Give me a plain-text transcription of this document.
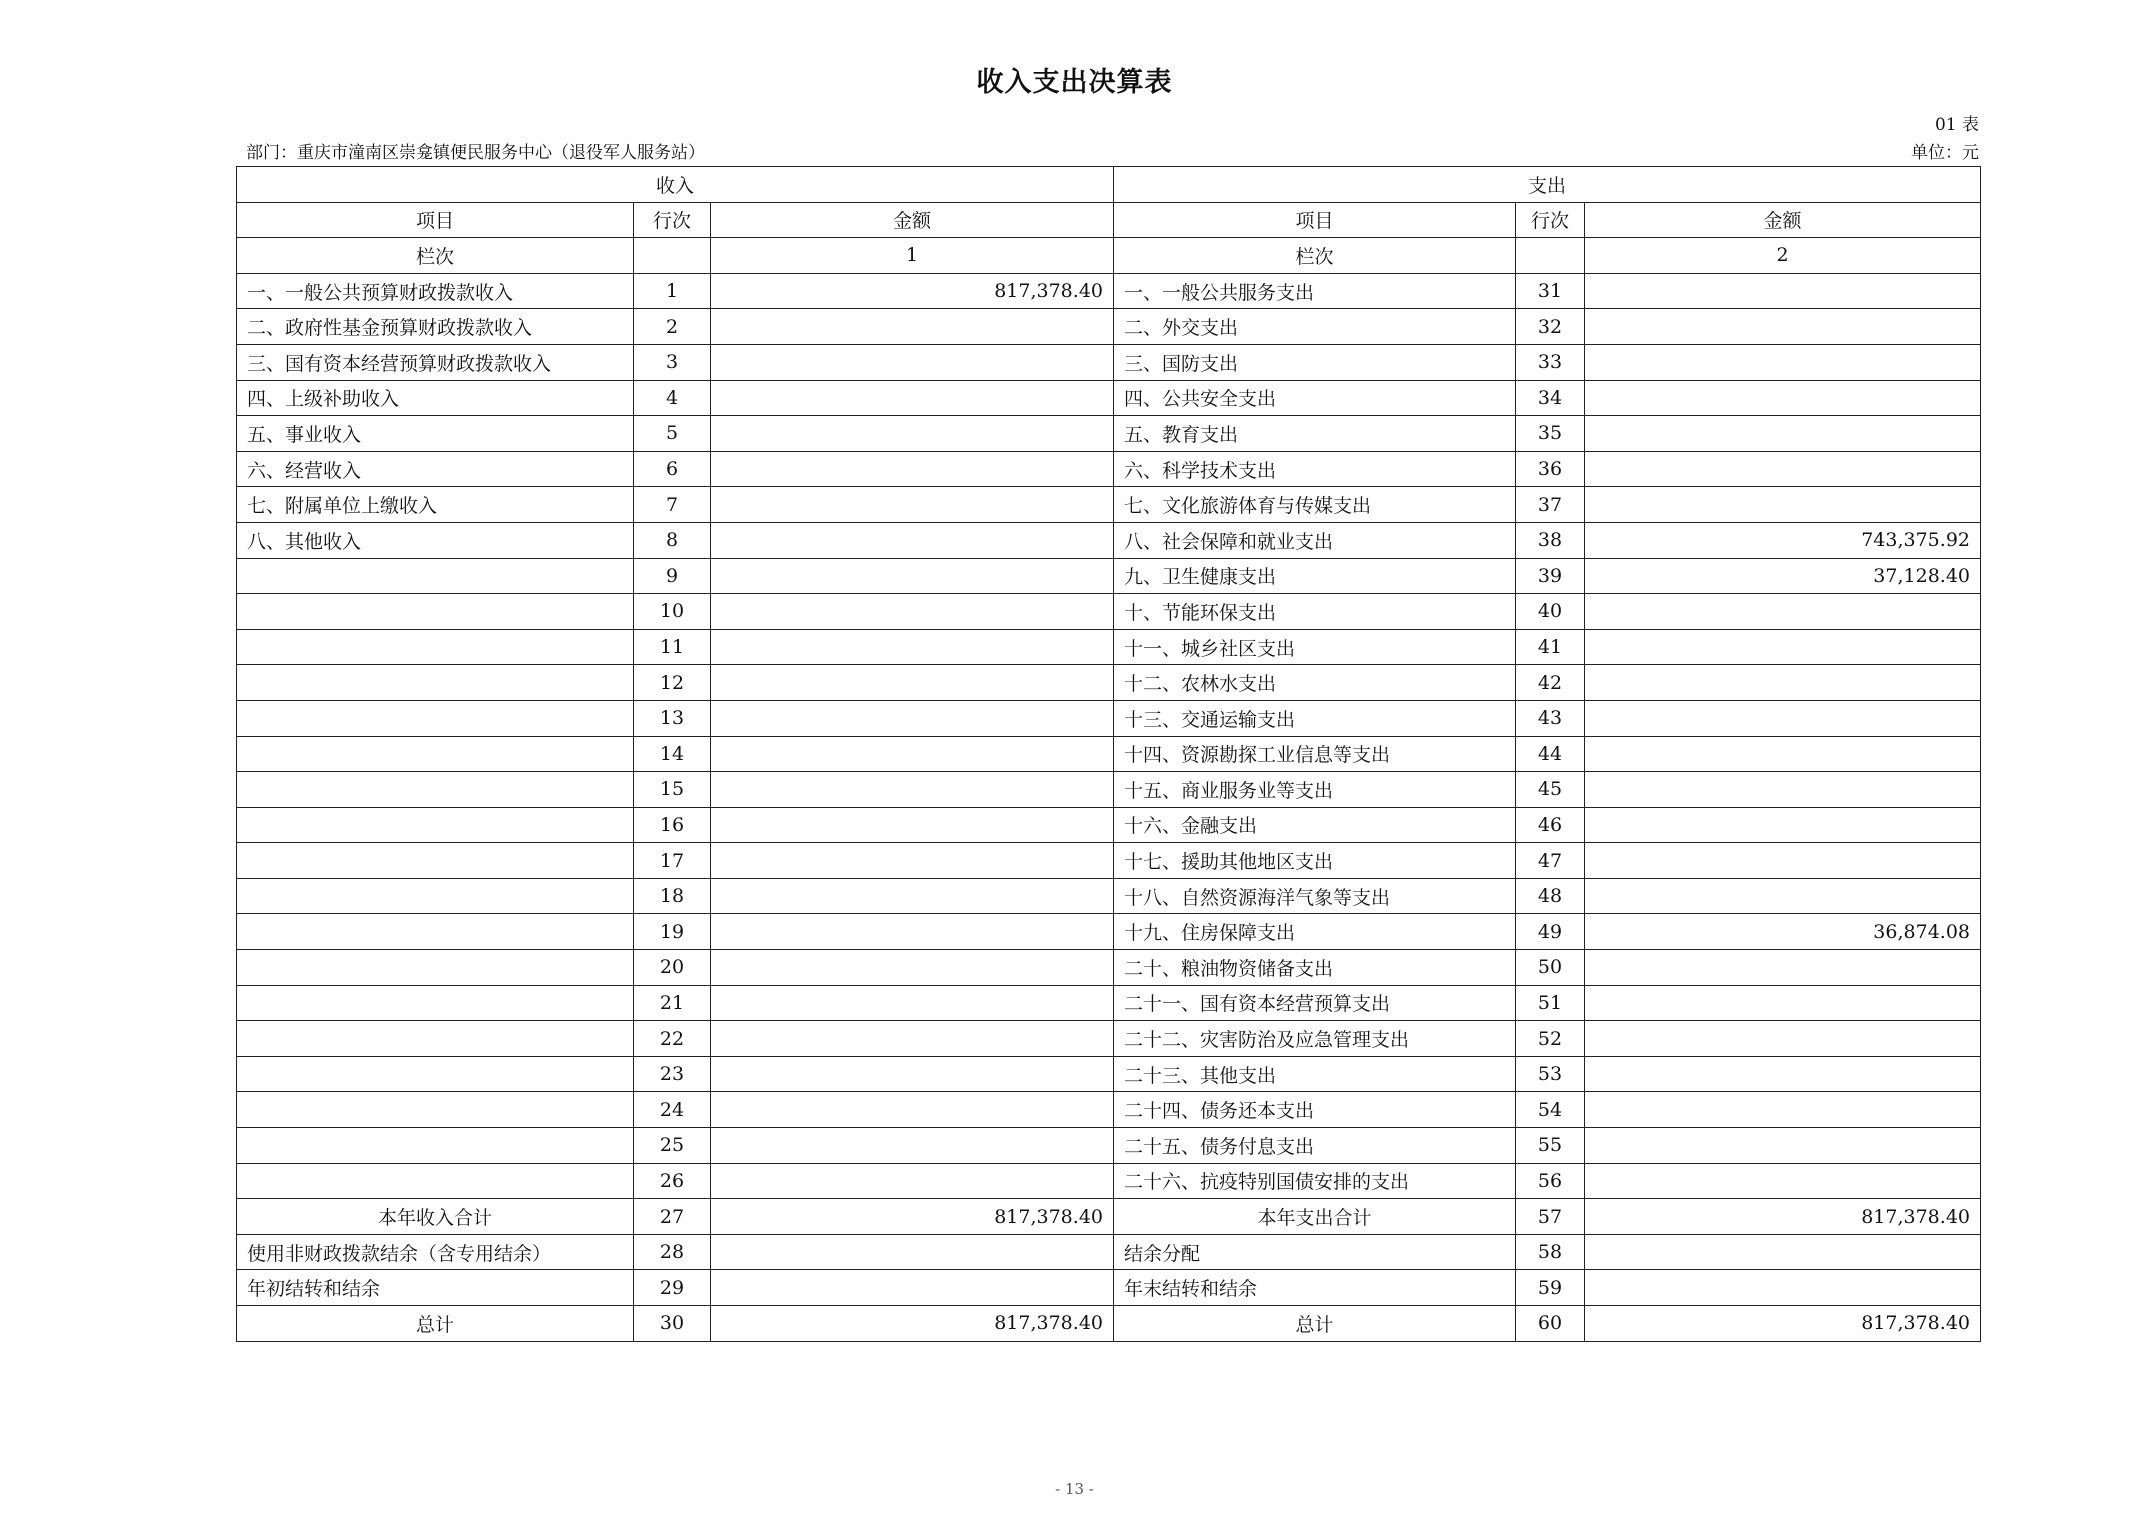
收入支出决算表
01 表
部门：重庆市潼南区崇龛镇便民服务中心（退役军人服务站）	单位：元
收入			支出		
项目	行次	金额	项目	行次	金额
栏次		1	栏次		2
一、一般公共预算财政拨款收入	1	817,378.40	一、一般公共服务支出	31	
二、政府性基金预算财政拨款收入	2		二、外交支出	32	
三、国有资本经营预算财政拨款收入	3		三、国防支出	33	
四、上级补助收入	4		四、公共安全支出	34	
五、事业收入	5		五、教育支出	35	
六、经营收入	6		六、科学技术支出	36	
七、附属单位上缴收入	7		七、文化旅游体育与传媒支出	37	
八、其他收入	8		八、社会保障和就业支出	38	743,375.92
	9		九、卫生健康支出	39	37,128.40
	10		十、节能环保支出	40	
	11		十一、城乡社区支出	41	
	12		十二、农林水支出	42	
	13		十三、交通运输支出	43	
	14		十四、资源勘探工业信息等支出	44	
	15		十五、商业服务业等支出	45	
	16		十六、金融支出	46	
	17		十七、援助其他地区支出	47	
	18		十八、自然资源海洋气象等支出	48	
	19		十九、住房保障支出	49	36,874.08
	20		二十、粮油物资储备支出	50	
	21		二十一、国有资本经营预算支出	51	
	22		二十二、灾害防治及应急管理支出	52	
	23		二十三、其他支出	53	
	24		二十四、债务还本支出	54	
	25		二十五、债务付息支出	55	
	26		二十六、抗疫特别国债安排的支出	56	
本年收入合计	27	817,378.40	本年支出合计	57	817,378.40
使用非财政拨款结余（含专用结余）	28		结余分配	58	
年初结转和结余	29		年末结转和结余	59	
总计	30	817,378.40	总计	60	817,378.40
- 13 -
